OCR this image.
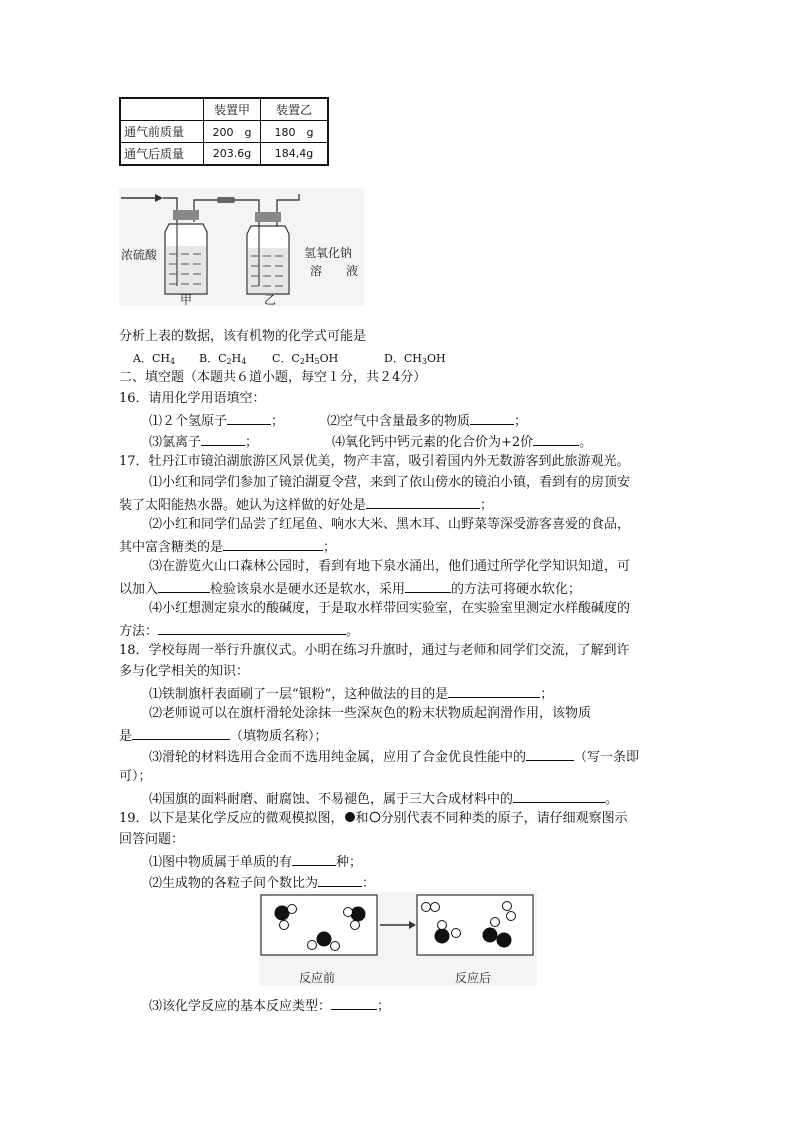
	装置甲	装置乙
通气前质量	200　g	180　g
通气后质量	203.6g	184,4g
浓硫酸	氢氧化钠
溶　　液
甲	乙
分析上表的数据，该有机物的化学式可能是
A．$CH_4$ B．$C_2H_4$ C．$C_2H_5OH$	D．$CH_3OH$
二、填空题（本题共６道小题，每空１分，共２4分）
16．请用化学用语填空：
⑴２个氢原子	；	⑵空气中含量最多的物质	；
⑶氯离子	；	⑷氧化钙中钙元素的化合价为+2价	。
17．牡丹江市镜泊湖旅游区风景优美，物产丰富，吸引着国内外无数游客到此旅游观光。
⑴小红和同学们参加了镜泊湖夏令营，来到了依山傍水的镜泊小镇，看到有的房顶安
装了太阳能热水器。她认为这样做的好处是	；
⑵小红和同学们品尝了红尾鱼、响水大米、黑木耳、山野菜等深受游客喜爱的食品，
其中富含糖类的是	；
⑶在游览火山口森林公园时，看到有地下泉水涌出，他们通过所学化学知识知道，可
以加入	检验该泉水是硬水还是软水，采用	的方法可将硬水软化；
⑷小红想测定泉水的酸碱度，于是取水样带回实验室，在实验室里测定水样酸碱度的
方法：	。
18．学校每周一举行升旗仪式。小明在练习升旗时，通过与老师和同学们交流，了解到许
多与化学相关的知识：
⑴铁制旗杆表面刷了一层“银粉”，这种做法的目的是	；
⑵老师说可以在旗杆滑轮处涂抹一些深灰色的粉末状物质起润滑作用，该物质
是	（填物质名称）；
⑶滑轮的材料选用合金而不选用纯金属，应用了合金优良性能中的	（写一条即
可）；
⑷国旗的面料耐磨、耐腐蚀、不易褪色，属于三大合成材料中的	。
19．以下是某化学反应的微观模拟图， 和 分别代表不同种类的原子，请仔细观察图示
回答问题：
⑴图中物质属于单质的有	种；
⑵生成物的各粒子间个数比为	：
反应前	反应后
⑶该化学反应的基本反应类型：	；
